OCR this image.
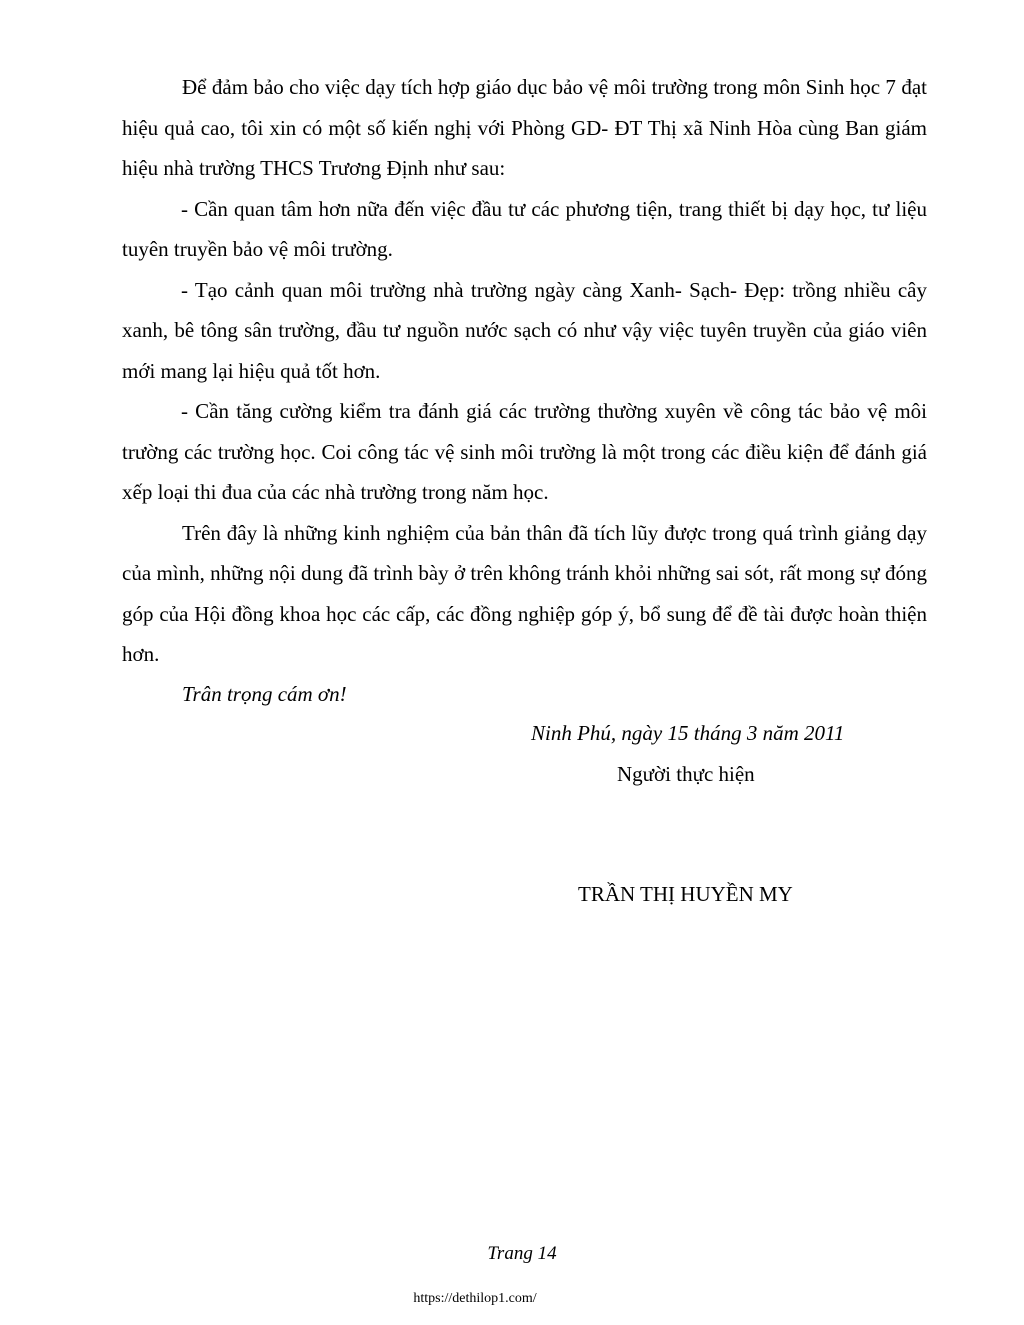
Để đảm bảo cho việc dạy tích hợp giáo dục bảo vệ môi trường trong môn Sinh học 7 đạt hiệu quả cao, tôi xin có một số kiến nghị với Phòng GD- ĐT Thị xã Ninh Hòa cùng Ban giám hiệu nhà trường THCS Trương Định như sau:

- Cần quan tâm hơn nữa đến việc đầu tư các phương tiện, trang thiết bị dạy học, tư liệu tuyên truyền bảo vệ môi trường.

- Tạo cảnh quan môi trường nhà trường ngày càng Xanh- Sạch- Đẹp: trồng nhiều cây xanh, bê tông sân trường, đầu tư nguồn nước sạch có như vậy việc tuyên truyền của giáo viên mới mang lại hiệu quả tốt hơn.

- Cần tăng cường kiểm tra đánh giá các trường thường xuyên về công tác bảo vệ môi trường các trường học. Coi công tác vệ sinh môi trường là một trong các điều kiện để đánh giá xếp loại thi đua của các nhà trường trong năm học.

Trên đây là những kinh nghiệm của bản thân đã tích lũy được trong quá trình giảng dạy của mình, những nội dung đã trình bày ở trên không tránh khỏi những sai sót, rất mong sự đóng góp của Hội đồng khoa học các cấp, các đồng nghiệp góp ý, bổ sung để đề tài được hoàn thiện hơn.

Trân trọng cám ơn!
Ninh Phú, ngày 15 tháng 3 năm 2011
Người thực hiện
TRẦN THỊ HUYỀN MY
Trang 14
https://dethilop1.com/
